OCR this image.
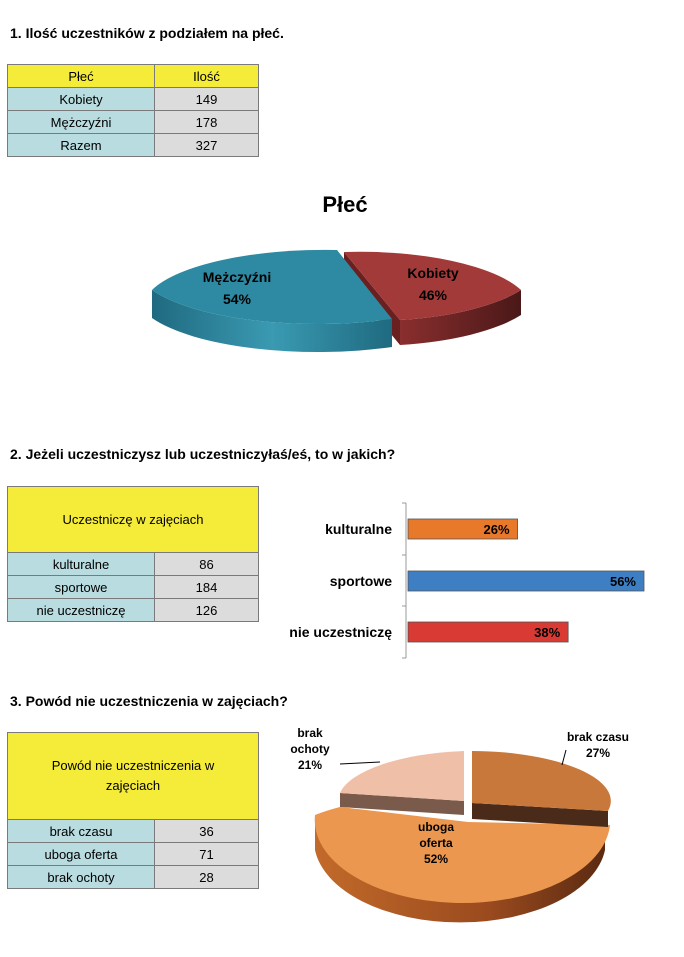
1. Ilość uczestników z podziałem na płeć.
Płeć	Ilość
Kobiety	149
Mężczyźni	178
Razem	327
Płeć
Kobiety
46%
Mężczyźni
54%
2. Jeżeli uczestniczysz lub uczestniczyłaś/eś, to w jakich?
Uczestniczę w zajęciach	
kulturalne	86
sportowe	184
nie uczestniczę	126
kulturalne	26%
sportowe	56%
nie uczestniczę	38%
3. Powód nie uczestniczenia w zajęciach?
Powód nie uczestniczenia w zajęciach	
brak czasu	36
uboga oferta	71
brak ochoty	28
brak ochoty 21%
brak czasu
27%
52%
uboga
oferta
